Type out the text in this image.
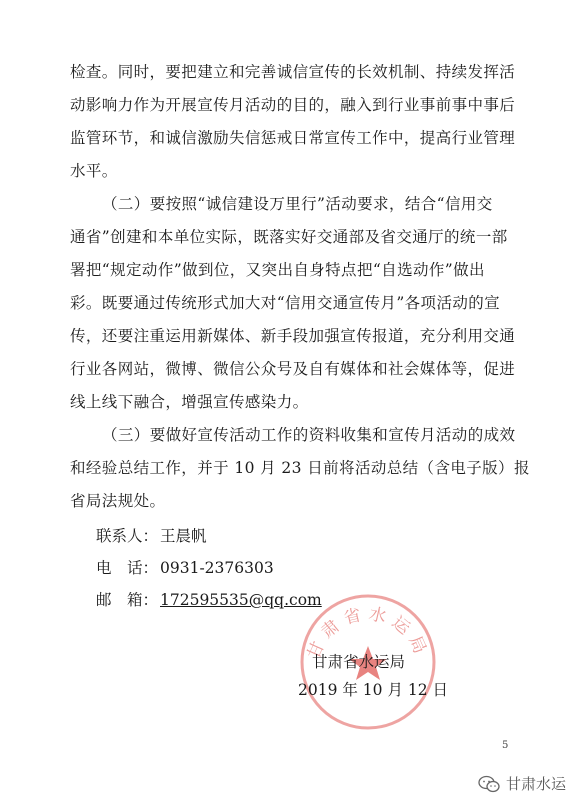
检查。同时，要把建立和完善诚信宣传的长效机制、持续发挥活
动影响力作为开展宣传月活动的目的，融入到行业事前事中事后
监管环节，和诚信激励失信惩戒日常宣传工作中，提高行业管理
水平。
（二）要按照“诚信建设万里行”活动要求，结合“信用交
通省”创建和本单位实际，既落实好交通部及省交通厅的统一部
署把“规定动作”做到位，又突出自身特点把“自选动作”做出
彩。既要通过传统形式加大对“信用交通宣传月”各项活动的宣
传，还要注重运用新媒体、新手段加强宣传报道，充分利用交通
行业各网站，微博、微信公众号及自有媒体和社会媒体等，促进
线上线下融合，增强宣传感染力。
（三）要做好宣传活动工作的资料收集和宣传月活动的成效
和经验总结工作，并于 10 月 23 日前将活动总结（含电子版）报
省局法规处。
联系人： 王晨帆
电　话： 0931-2376303
邮　箱： 172595535@qq.com
甘肃省水运局
甘肃省水运局
2019 年 10 月 12 日
5
甘肃水运
